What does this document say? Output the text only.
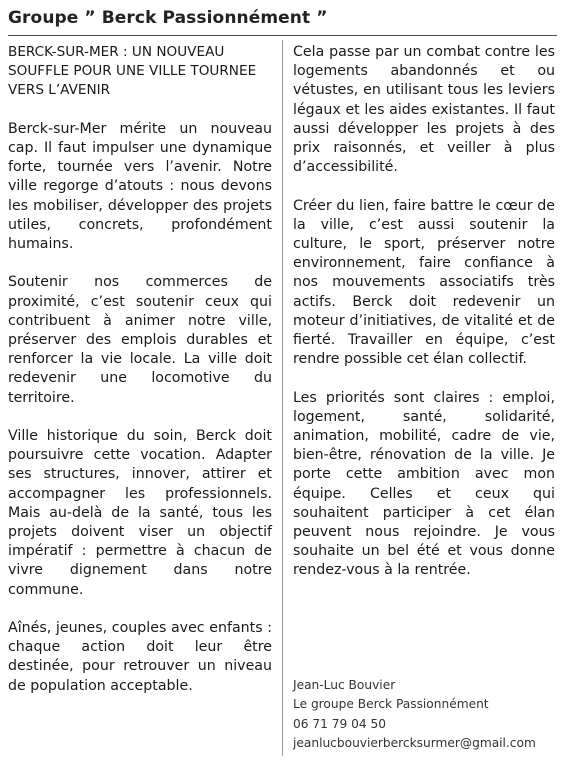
Groupe ” Berck Passionnément ”

BERCK-SUR-MER : UN NOUVEAU SOUFFLE POUR UNE VILLE TOURNEE VERS L’AVENIR

Berck-sur-Mer mérite un nouveau cap. Il faut impulser une dynamique forte, tournée vers l’avenir. Notre ville regorge d’atouts : nous devons les mobiliser, développer des projets utiles, concrets, profondément humains.

Soutenir nos commerces de proximité, c’est soutenir ceux qui contribuent à animer notre ville, préserver des emplois durables et renforcer la vie locale. La ville doit redevenir une locomotive du territoire.

Ville historique du soin, Berck doit poursuivre cette vocation. Adapter ses structures, innover, attirer et accompagner les professionnels. Mais au-delà de la santé, tous les projets doivent viser un objectif impératif : permettre à chacun de vivre dignement dans notre commune.

Aînés, jeunes, couples avec enfants : chaque action doit leur être destinée, pour retrouver un niveau de population acceptable.

Cela passe par un combat contre les logements abandonnés et ou vétustes, en utilisant tous les leviers légaux et les aides existantes. Il faut aussi développer les projets à des prix raisonnés, et veiller à plus d’accessibilité.

Créer du lien, faire battre le cœur de la ville, c’est aussi soutenir la culture, le sport, préserver notre environnement, faire confiance à nos mouvements associatifs très actifs. Berck doit redevenir un moteur d’initiatives, de vitalité et de fierté. Travailler en équipe, c’est rendre possible cet élan collectif.

Les priorités sont claires : emploi, logement, santé, solidarité, animation, mobilité, cadre de vie, bien-être, rénovation de la ville. Je porte cette ambition avec mon équipe. Celles et ceux qui souhaitent participer à cet élan peuvent nous rejoindre. Je vous souhaite un bel été et vous donne rendez-vous à la rentrée.

Jean-Luc Bouvier
Le groupe Berck Passionnément
06 71 79 04 50
jeanlucbouvierbercksurmer@gmail.com
